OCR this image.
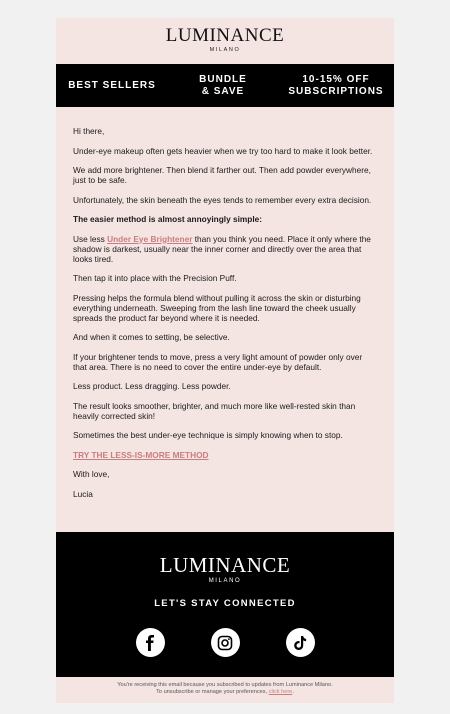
LUMINANCE
MILANO
BEST SELLERS
BUNDLE
& SAVE
10-15% OFF
SUBSCRIPTIONS

Hi there,

Under-eye makeup often gets heavier when we try too hard to make it look better.

We add more brightener. Then blend it farther out. Then add powder everywhere, just to be safe.

Unfortunately, the skin beneath the eyes tends to remember every extra decision.

The easier method is almost annoyingly simple:

Use less Under Eye Brightener than you think you need. Place it only where the shadow is darkest, usually near the inner corner and directly over the area that looks tired.

Then tap it into place with the Precision Puff.

Pressing helps the formula blend without pulling it across the skin or disturbing everything underneath. Sweeping from the lash line toward the cheek usually spreads the product far beyond where it is needed.

And when it comes to setting, be selective.

If your brightener tends to move, press a very light amount of powder only over that area. There is no need to cover the entire under-eye by default.

Less product. Less dragging. Less powder.

The result looks smoother, brighter, and much more like well-rested skin than heavily corrected skin!

Sometimes the best under-eye technique is simply knowing when to stop.

TRY THE LESS-IS-MORE METHOD

With love,

Lucia

LUMINANCE
MILANO
LET'S STAY CONNECTED
You're receiving this email because you subscribed to updates from Luminance Milano.
To unsubscribe or manage your preferences, click here.
